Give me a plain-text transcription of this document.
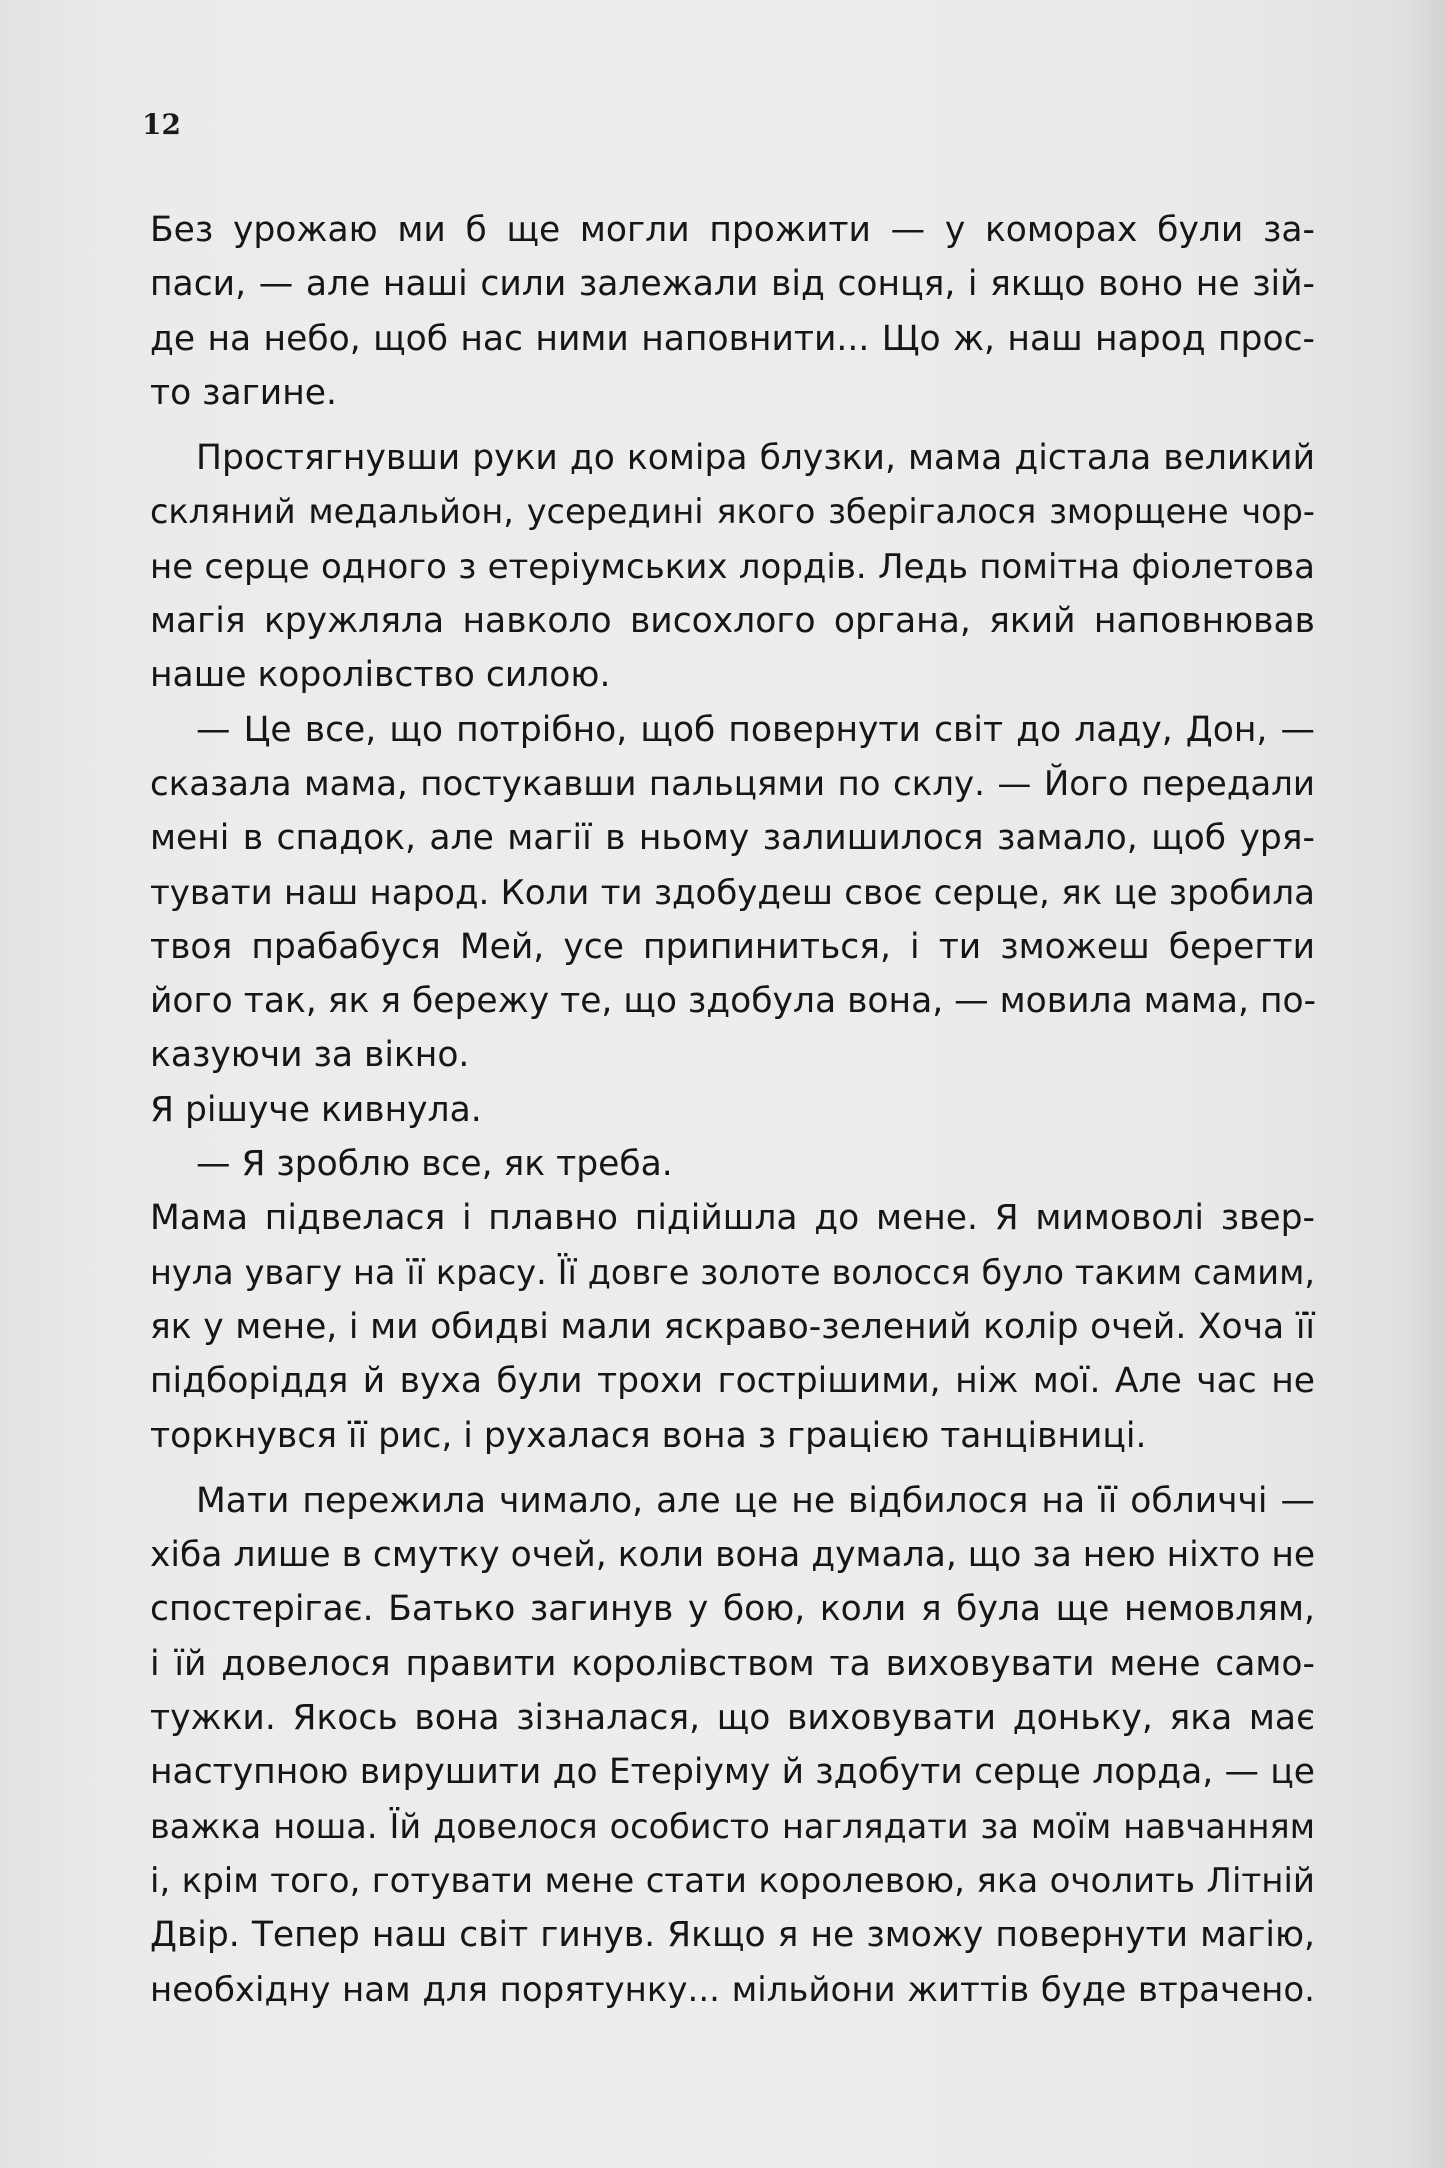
12
Без урожаю ми б ще могли прожити — у коморах були за-
паси, — але наші сили залежали від сонця, і якщо воно не зій-
де на небо, щоб нас ними наповнити... Що ж, наш народ прос-
то загине.
Простягнувши руки до коміра блузки, мама дістала великий
скляний медальйон, усередині якого зберігалося зморщене чор-
не серце одного з етеріумських лордів. Ледь помітна фіолетова
магія кружляла навколо висохлого органа, який наповнював
наше королівство силою.
— Це все, що потрібно, щоб повернути світ до ладу, Дон, —
сказала мама, постукавши пальцями по склу. — Його передали
мені в спадок, але магії в ньому залишилося замало, щоб уря-
тувати наш народ. Коли ти здобудеш своє серце, як це зробила
твоя прабабуся Мей, усе припиниться, і ти зможеш берегти
його так, як я бережу те, що здобула вона, — мовила мама, по-
казуючи за вікно.
Я рішуче кивнула.
— Я зроблю все, як треба.
Мама підвелася і плавно підійшла до мене. Я мимоволі звер-
нула увагу на її красу. Її довге золоте волосся було таким самим,
як у мене, і ми обидві мали яскраво-зелений колір очей. Хоча її
підборіддя й вуха були трохи гострішими, ніж мої. Але час не
торкнувся її рис, і рухалася вона з грацією танцівниці.
Мати пережила чимало, але це не відбилося на її обличчі —
хіба лише в смутку очей, коли вона думала, що за нею ніхто не
спостерігає. Батько загинув у бою, коли я була ще немовлям,
і їй довелося правити королівством та виховувати мене само-
тужки. Якось вона зізналася, що виховувати доньку, яка має
наступною вирушити до Етеріуму й здобути серце лорда, — це
важка ноша. Їй довелося особисто наглядати за моїм навчанням
і, крім того, готувати мене стати королевою, яка очолить Літній
Двір. Тепер наш світ гинув. Якщо я не зможу повернути магію,
необхідну нам для порятунку... мільйони життів буде втрачено.
